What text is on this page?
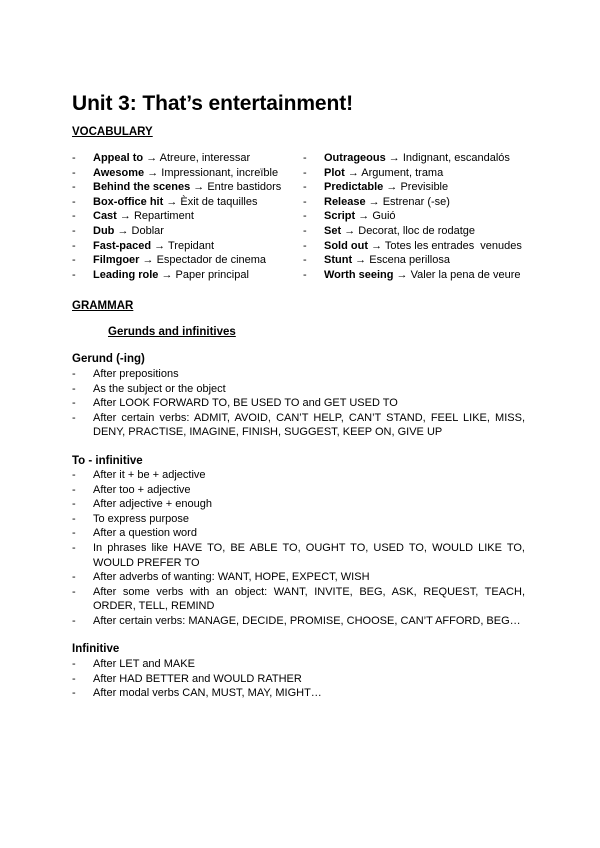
Unit 3: That’s entertainment!

VOCABULARY

- Appeal to → Atreure, interessar
- Awesome → Impressionant, increïble
- Behind the scenes → Entre bastidors
- Box-office hit → Èxit de taquilles
- Cast → Repartiment
- Dub → Doblar
- Fast-paced → Trepidant
- Filmgoer → Espectador de cinema
- Leading role → Paper principal
- Outrageous → Indignant, escandalós
- Plot → Argument, trama
- Predictable → Previsible
- Release → Estrenar (-se)
- Script → Guió
- Set → Decorat, lloc de rodatge
- Sold out → Totes les entrades  venudes
- Stunt → Escena perillosa
- Worth seeing → Valer la pena de veure

GRAMMAR

Gerunds and infinitives

Gerund (-ing)

- After prepositions
- As the subject or the object
- After LOOK FORWARD TO, BE USED TO and GET USED TO
- After certain verbs: ADMIT, AVOID, CAN’T HELP, CAN’T STAND, FEEL LIKE, MISS, DENY, PRACTISE, IMAGINE, FINISH, SUGGEST, KEEP ON, GIVE UP

To - infinitive

- After it + be + adjective
- After too + adjective
- After adjective + enough
- To express purpose
- After a question word
- In phrases like HAVE TO, BE ABLE TO, OUGHT TO, USED TO, WOULD LIKE TO, WOULD PREFER TO
- After adverbs of wanting: WANT, HOPE, EXPECT, WISH
- After some verbs with an object: WANT, INVITE, BEG, ASK, REQUEST, TEACH, ORDER, TELL, REMIND
- After certain verbs: MANAGE, DECIDE, PROMISE, CHOOSE, CAN’T AFFORD, BEG…

Infinitive

- After LET and MAKE
- After HAD BETTER and WOULD RATHER
- After modal verbs CAN, MUST, MAY, MIGHT…
